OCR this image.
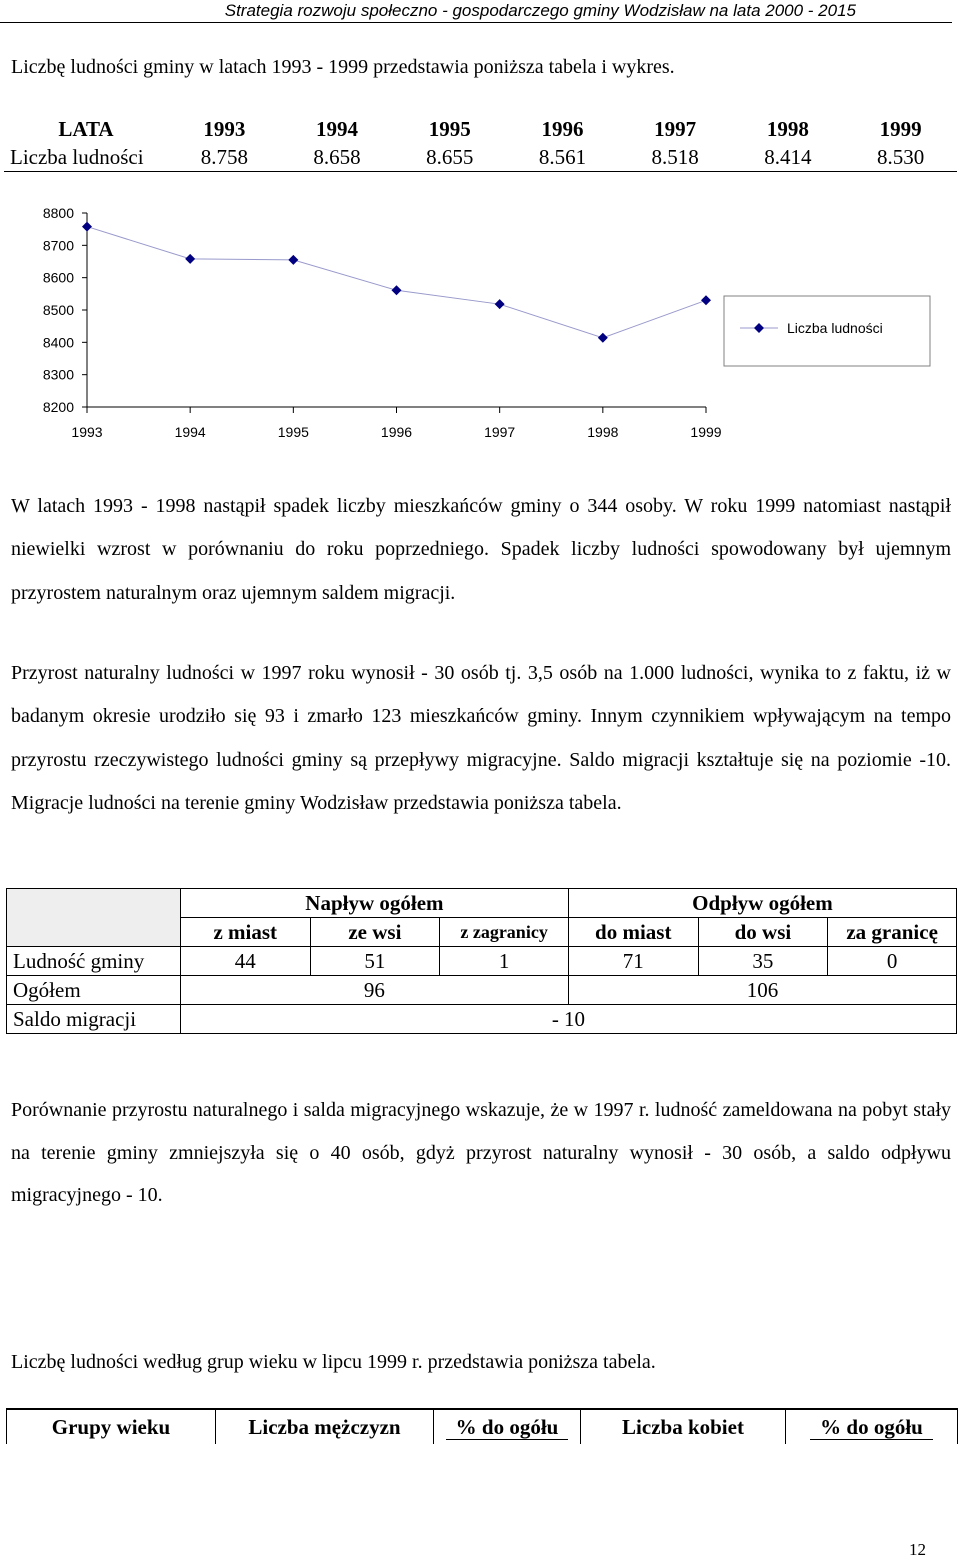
Strategia rozwoju społeczno - gospodarczego gminy Wodzisław na lata 2000 - 2015

Liczbę ludności gminy w latach 1993 - 1999 przedstawia poniższa tabela i wykres.

LATA	1993	1994	1995	1996	1997	1998	1999
Liczba ludności	8.758	8.658	8.655	8.561	8.518	8.414	8.530
8800
8700
8600
8500
8400
8300
8200
1993	1994	1995	1996	1997	1998	1999
Liczba ludności

W latach 1993 - 1998 nastąpił spadek liczby mieszkańców gminy o 344 osoby. W roku 1999 natomiast nastąpił niewielki wzrost w porównaniu do roku poprzedniego. Spadek liczby ludności spowodowany był ujemnym przyrostem naturalnym oraz ujemnym saldem migracji.

Przyrost naturalny ludności w 1997 roku wynosił - 30 osób tj. 3,5 osób na 1.000 ludności, wynika to z faktu, iż w badanym okresie urodziło się 93 i zmarło 123 mieszkańców gminy. Innym czynnikiem wpływającym na tempo przyrostu rzeczywistego ludności gminy są przepływy migracyjne. Saldo migracji kształtuje się na poziomie -10. Migracje ludności na terenie gminy Wodzisław przedstawia poniższa tabela.

	Napływ ogółem			Odpływ ogółem		
	z miast	ze wsi	z zagranicy	do miast	do wsi	za granicę
Ludność gminy	44	51	1	71	35	0
Ogółem	96			106		
Saldo migracji	- 10					

Porównanie przyrostu naturalnego i salda migracyjnego wskazuje, że w 1997 r. ludność zameldowana na pobyt stały na terenie gminy zmniejszyła się o 40 osób, gdyż przyrost naturalny wynosił - 30 osób, a saldo odpływu migracyjnego - 10.

Liczbę ludności według grup wieku w lipcu 1999 r. przedstawia poniższa tabela.

Grupy wieku	Liczba mężczyzn	% do ogółu	Liczba kobiet	% do ogółu
12
